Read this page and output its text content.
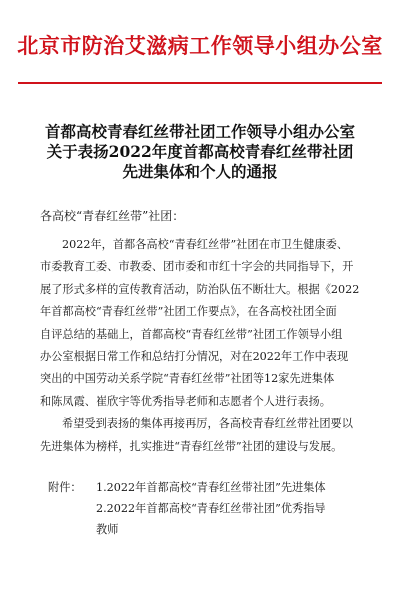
北京市防治艾滋病工作领导小组办公室
首都高校青春红丝带社团工作领导小组办公室
关于表扬2022年度首都高校青春红丝带社团
先进集体和个人的通报
各高校“青春红丝带”社团：

2022年，首都各高校“青春红丝带”社团在市卫生健康委、
市委教育工委、市教委、团市委和市红十字会的共同指导下，开
展了形式多样的宣传教育活动，防治队伍不断壮大。根据《2022
年首都高校“青春红丝带”社团工作要点》，在各高校社团全面
自评总结的基础上，首都高校“青春红丝带”社团工作领导小组
办公室根据日常工作和总结打分情况，对在2022年工作中表现
突出的中国劳动关系学院“青春红丝带”社团等12家先进集体
和陈凤霞、崔欣宇等优秀指导老师和志愿者个人进行表扬。

希望受到表扬的集体再接再厉，各高校青春红丝带社团要以
先进集体为榜样，扎实推进“青春红丝带”社团的建设与发展。

附件：	1.2022年首都高校“青春红丝带社团”先进集体
2.2022年首都高校“青春红丝带社团”优秀指导
教师
